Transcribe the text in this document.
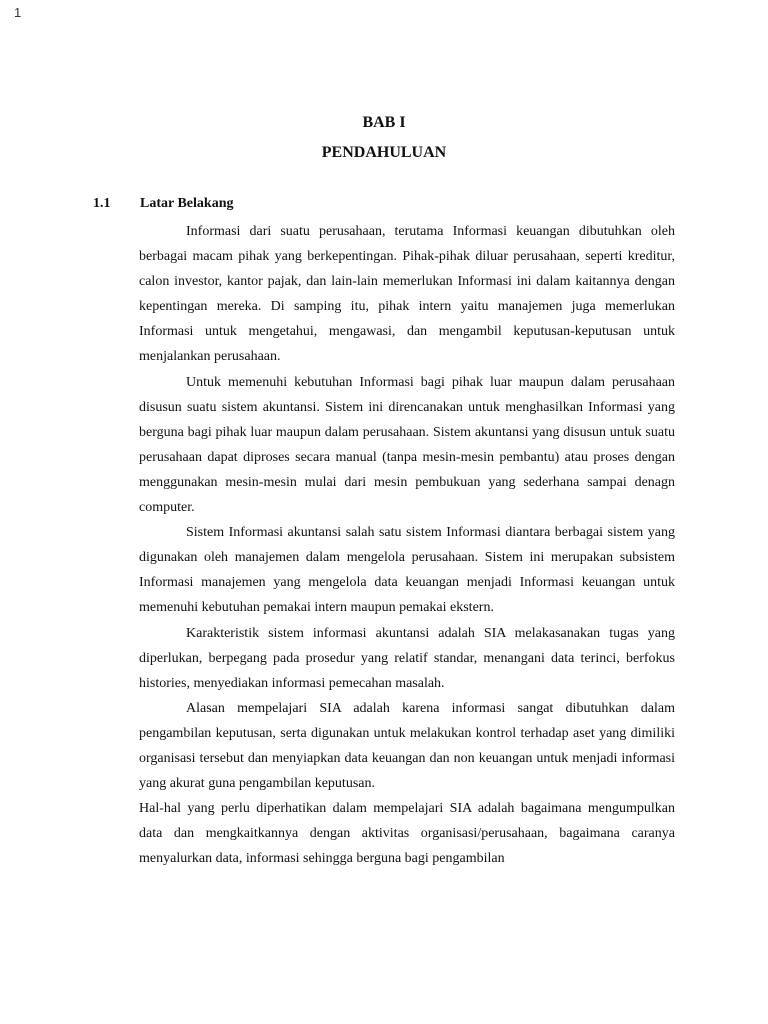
1
BAB I
PENDAHULUAN
1.1 Latar Belakang

Informasi dari suatu perusahaan, terutama Informasi keuangan dibutuhkan oleh berbagai macam pihak yang berkepentingan. Pihak-pihak diluar perusahaan, seperti kreditur, calon investor, kantor pajak, dan lain-lain memerlukan Informasi ini dalam kaitannya dengan kepentingan mereka. Di samping itu, pihak intern yaitu manajemen juga memerlukan Informasi untuk mengetahui, mengawasi, dan mengambil keputusan-keputusan untuk menjalankan perusahaan.

Untuk memenuhi kebutuhan Informasi bagi pihak luar maupun dalam perusahaan disusun suatu sistem akuntansi. Sistem ini direncanakan untuk menghasilkan Informasi yang berguna bagi pihak luar maupun dalam perusahaan. Sistem akuntansi yang disusun untuk suatu perusahaan dapat diproses secara manual (tanpa mesin-mesin pembantu) atau proses dengan menggunakan mesin-mesin mulai dari mesin pembukuan yang sederhana sampai denagn computer.

Sistem Informasi akuntansi salah satu sistem Informasi diantara berbagai sistem yang digunakan oleh manajemen dalam mengelola perusahaan. Sistem ini merupakan subsistem Informasi manajemen yang mengelola data keuangan menjadi Informasi keuangan untuk memenuhi kebutuhan pemakai intern maupun pemakai ekstern.

Karakteristik sistem informasi akuntansi adalah SIA melakasanakan tugas yang diperlukan, berpegang pada prosedur yang relatif standar, menangani data terinci, berfokus histories, menyediakan informasi pemecahan masalah.

Alasan mempelajari SIA adalah karena informasi sangat dibutuhkan dalam pengambilan keputusan, serta digunakan untuk melakukan kontrol terhadap aset yang dimiliki organisasi tersebut dan menyiapkan data keuangan dan non keuangan untuk menjadi informasi yang akurat guna pengambilan keputusan.

Hal-hal yang perlu diperhatikan dalam mempelajari SIA adalah bagaimana mengumpulkan data dan mengkaitkannya dengan aktivitas organisasi/perusahaan, bagaimana caranya menyalurkan data, informasi sehingga berguna bagi pengambilan
